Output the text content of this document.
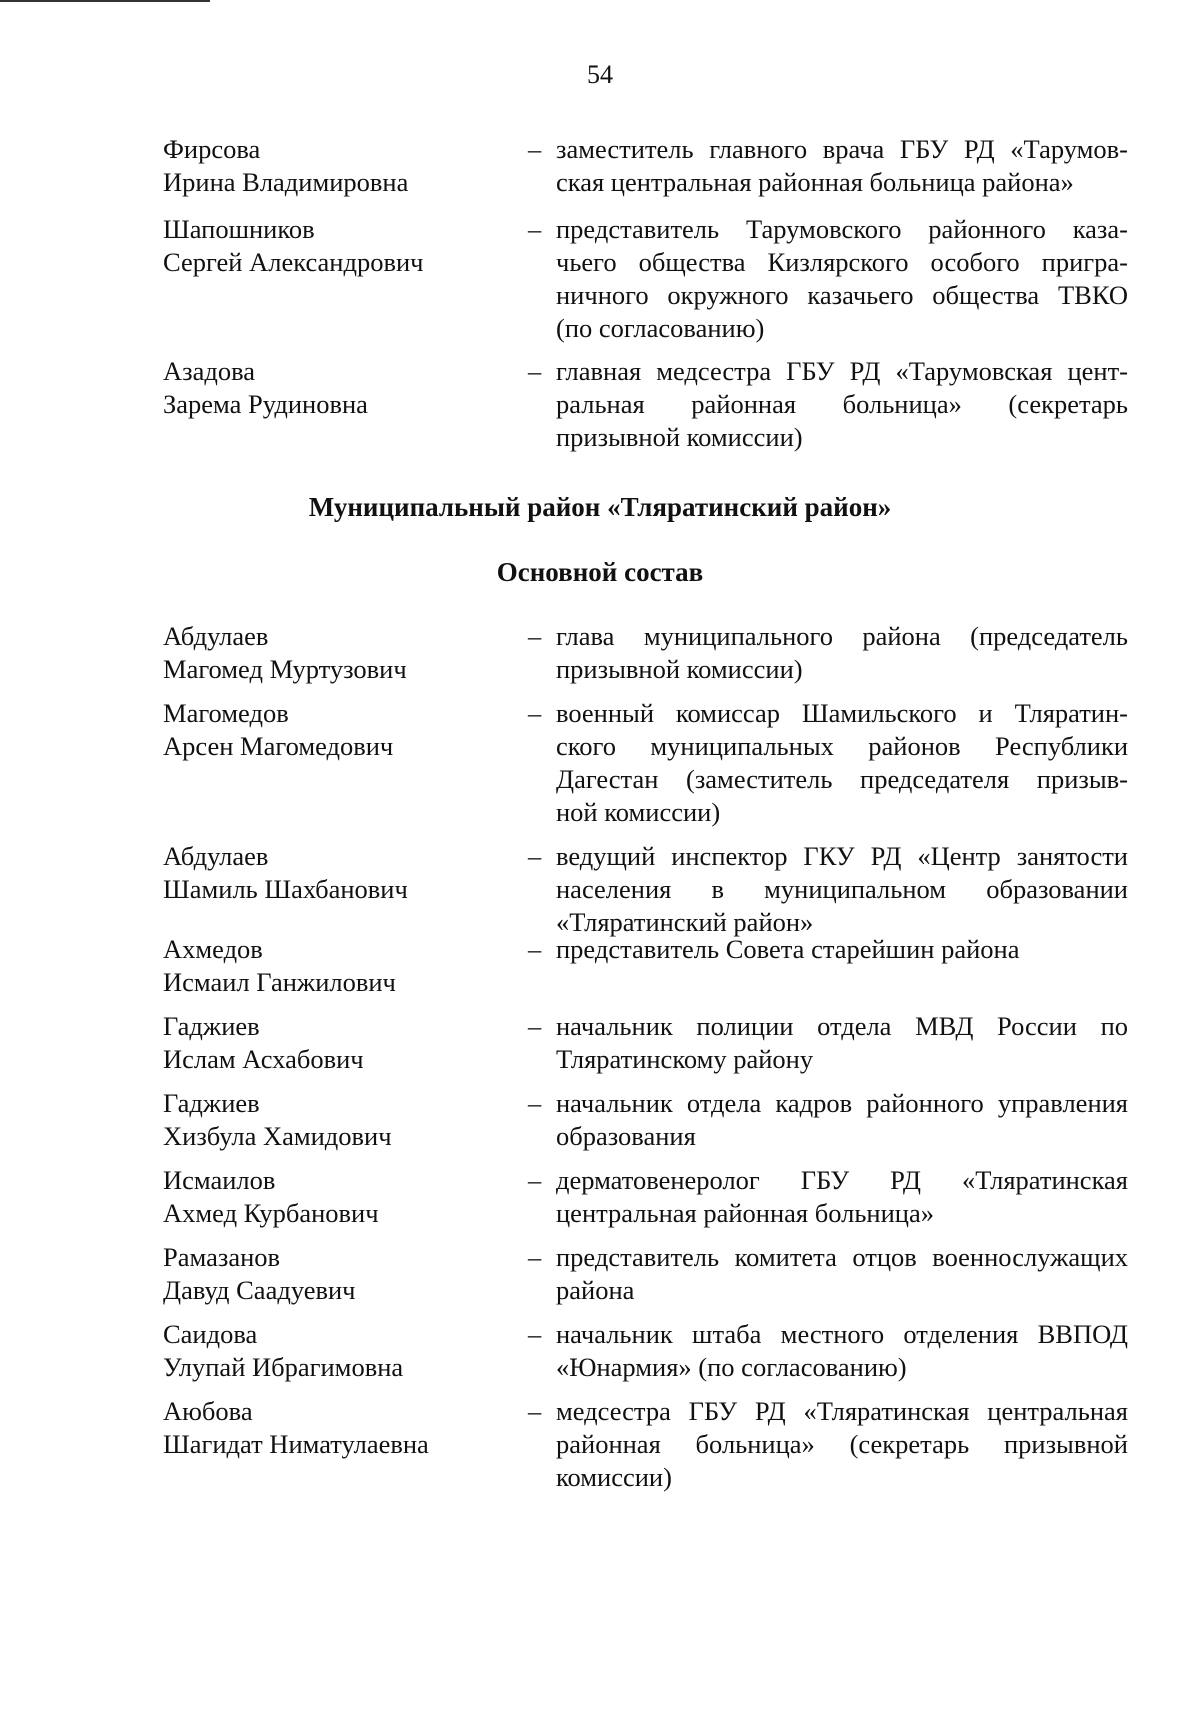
54
Фирсова
Ирина Владимировна
– заместитель главного врача ГБУ РД «Тарумов-
ская центральная районная больница района»
Шапошников
Сергей Александрович
– представитель Тарумовского районного каза-
чьего общества Кизлярского особого пригра-
ничного окружного казачьего общества ТВКО
(по согласованию)
Азадова
Зарема Рудиновна
– главная медсестра ГБУ РД «Тарумовская цент-
ральная районная больница» (секретарь
призывной комиссии)
Муниципальный район «Тляратинский район»
Основной состав
Абдулаев
Магомед Муртузович
– глава муниципального района (председатель
призывной комиссии)
Магомедов
Арсен Магомедович
– военный комиссар Шамильского и Тляратин-
ского муниципальных районов Республики
Дагестан (заместитель председателя призыв-
ной комиссии)
Абдулаев
Шамиль Шахбанович
– ведущий инспектор ГКУ РД «Центр занятости
населения в муниципальном образовании
«Тляратинский район»
Ахмедов
Исмаил Ганжилович
– представитель Совета старейшин района
Гаджиев
Ислам Асхабович
– начальник полиции отдела МВД России по
Тляратинскому району
Гаджиев
Хизбула Хамидович
– начальник отдела кадров районного управления
образования
Исмаилов
Ахмед Курбанович
– дерматовенеролог ГБУ РД «Тляратинская
центральная районная больница»
Рамазанов
Давуд Саадуевич
– представитель комитета отцов военнослужащих
района
Саидова
Улупай Ибрагимовна
– начальник штаба местного отделения ВВПОД
«Юнармия» (по согласованию)
Аюбова
Шагидат Ниматулаевна
– медсестра ГБУ РД «Тляратинская центральная
районная больница» (секретарь призывной
комиссии)
